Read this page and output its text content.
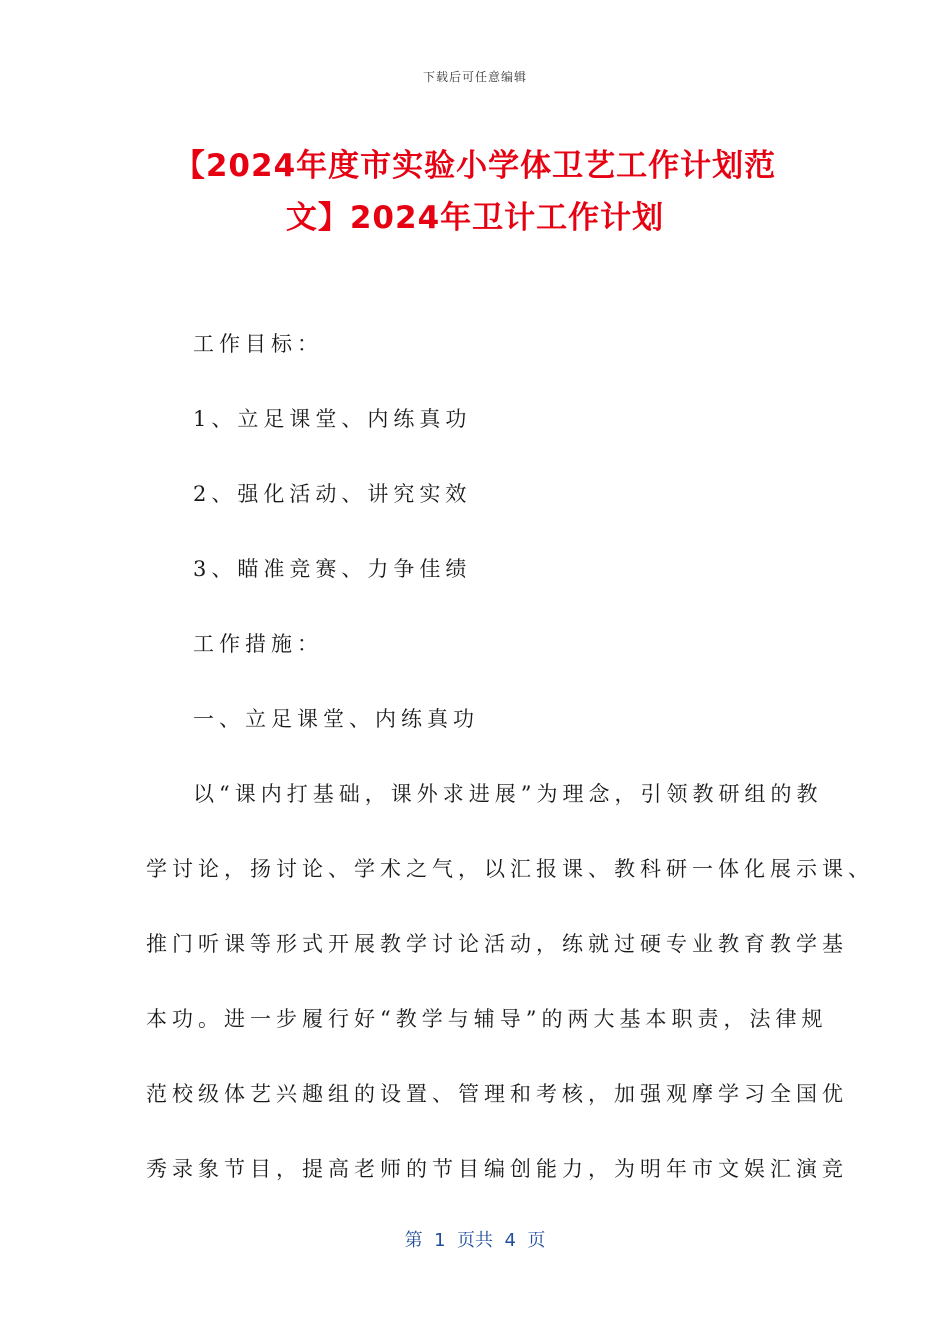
下载后可任意编辑
【2024年度市实验小学体卫艺工作计划范
文】2024年卫计工作计划
工作目标：
1、立足课堂、内练真功
2、强化活动、讲究实效
3、瞄准竞赛、力争佳绩
工作措施：
一、立足课堂、内练真功
以“课内打基础，课外求进展”为理念，引领教研组的教
学讨论，扬讨论、学术之气，以汇报课、教科研一体化展示课、
推门听课等形式开展教学讨论活动，练就过硬专业教育教学基
本功。进一步履行好“教学与辅导”的两大基本职责，法律规
范校级体艺兴趣组的设置、管理和考核，加强观摩学习全国优
秀录象节目，提高老师的节目编创能力，为明年市文娱汇演竞
第  1  页共  4  页
